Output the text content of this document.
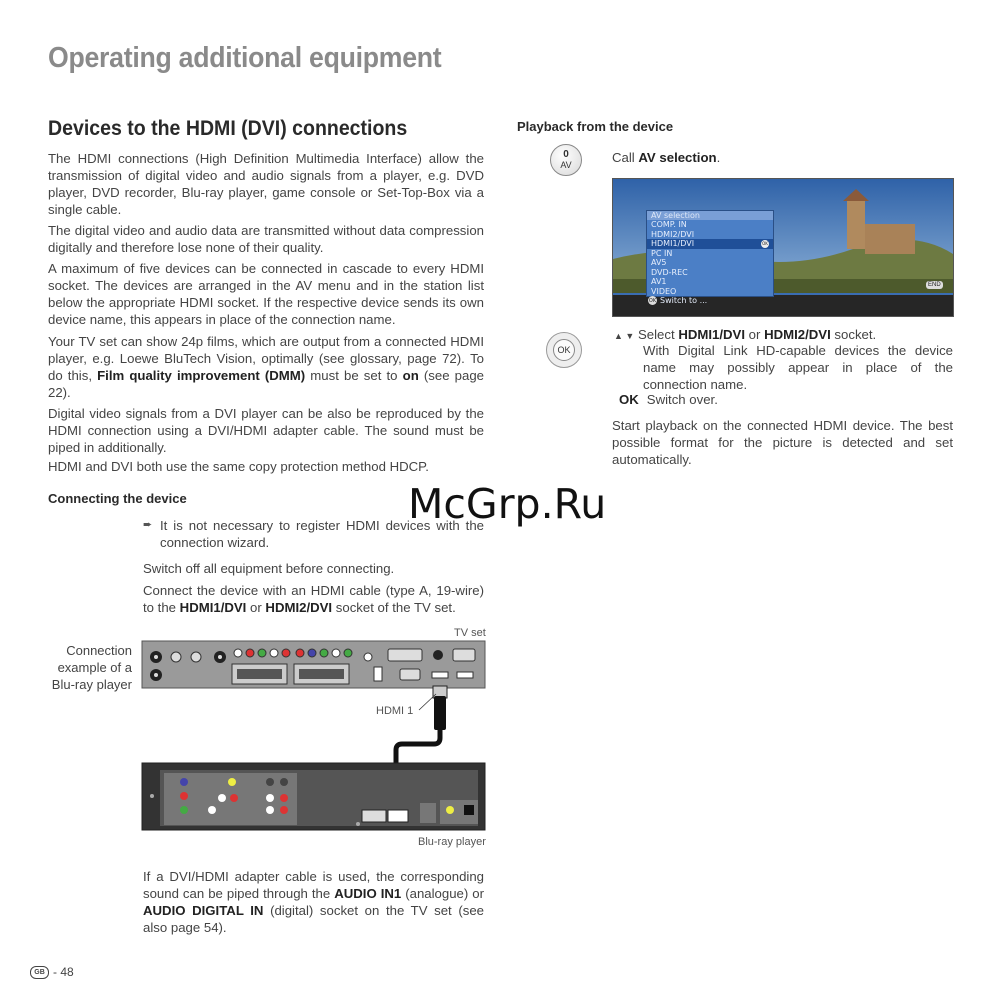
Operating additional equipment
Devices to the HDMI (DVI) connections
The HDMI connections (High Definition Multimedia Interface) allow the transmission of digital video and audio signals from a player, e.g. DVD player, DVD recorder, Blu-ray player, game console or Set-Top-Box via a single cable.
The digital video and audio data are transmitted without data compression digitally and therefore lose none of their quality.
A maximum of five devices can be connected in cascade to every HDMI socket. The devices are arranged in the AV menu and in the station list below the appropriate HDMI socket. If the respective device sends its own device name, this appears in place of the connection name.
Your TV set can show 24p films, which are output from a connected HDMI player, e.g. Loewe BluTech Vision, optimally (see glossary, page 72). To do this, Film quality improvement (DMM) must be set to on (see page 22).
Digital video signals from a DVI player can be also be reproduced by the HDMI connection using a DVI/HDMI adapter cable. The sound must be piped in additionally.
HDMI and DVI both use the same copy protection method HDCP.
Connecting the device
➨ It is not necessary to register HDMI devices with the connection wizard.
Switch off all equipment before connecting.
Connect the device with an HDMI cable (type A, 19-wire) to the HDMI1/DVI or HDMI2/DVI socket of the TV set.
Connection example of a Blu-ray player
TV set
HDMI 1
Blu-ray player
If a DVI/HDMI adapter cable is used, the corresponding sound can be piped through the AUDIO IN1 (analogue) or AUDIO DIGITAL IN (digital) socket on the TV set (see also page 54).
McGrp.Ru
Playback from the device
0
AV	Call AV selection.
AV selection
COMP. IN
HDMI2/DVI
HDMI1/DVI	OK
PC IN
AV5
DVD-REC
AV1
VIDEO
OK Switch to ...
END
OK
▲ ▼ Select HDMI1/DVI or HDMI2/DVI socket.
With Digital Link HD-capable devices the device name may possibly appear in place of the connection name.
OK Switch over.
Start playback on the connected HDMI device. The best possible format for the picture is detected and set automatically.
GB - 48
